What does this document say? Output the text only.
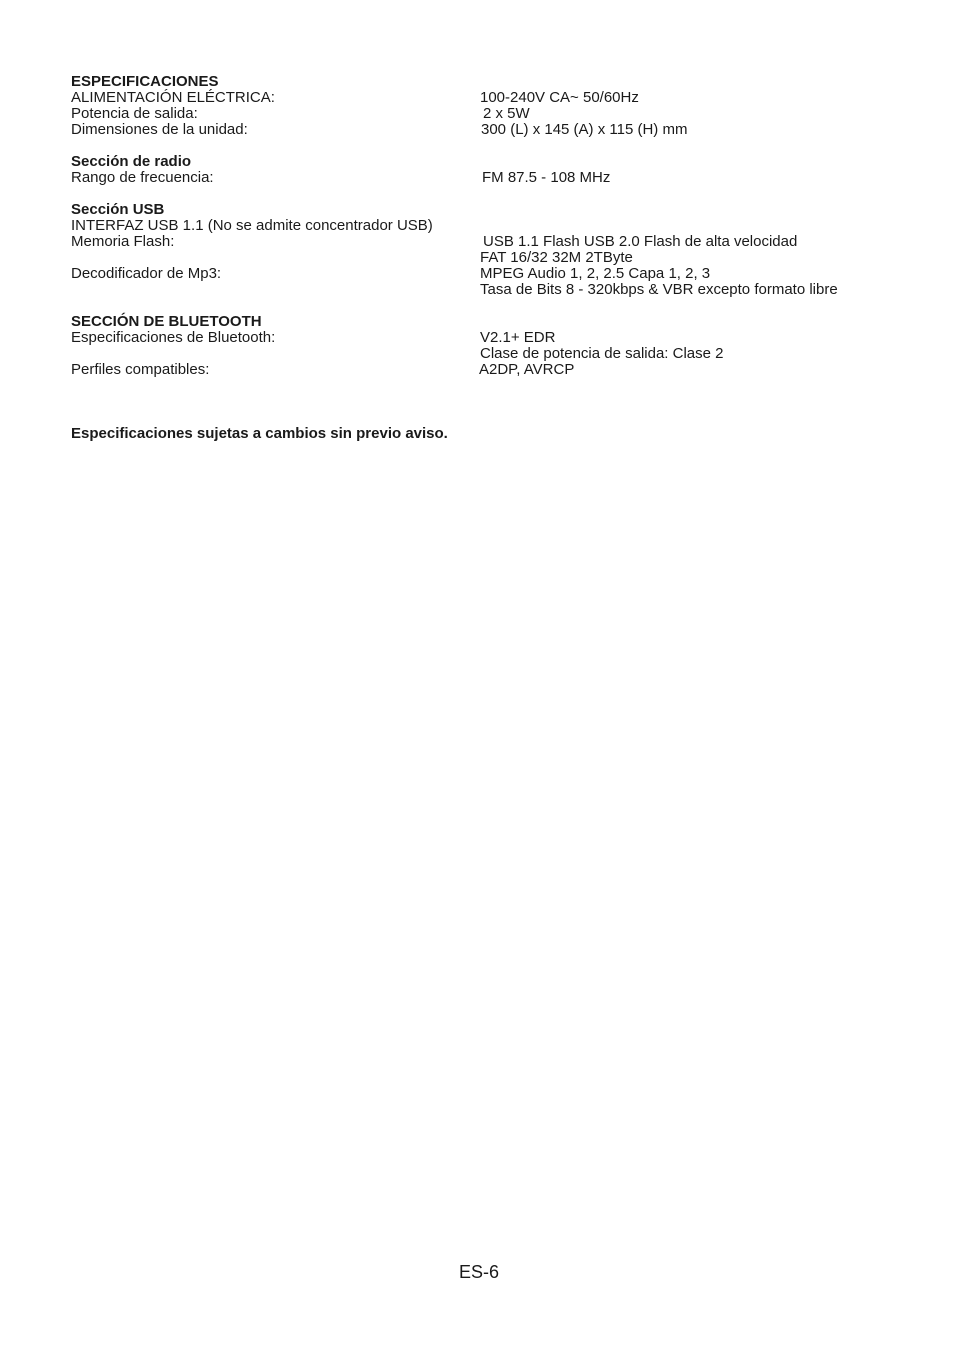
ESPECIFICACIONES
ALIMENTACIÓN ELÉCTRICA:	100-240V CA~ 50/60Hz
Potencia de salida:	2 x 5W
Dimensiones de la unidad:	300 (L) x 145 (A) x 115 (H) mm
Sección de radio
Rango de frecuencia:	FM 87.5 - 108 MHz
Sección USB
INTERFAZ USB 1.1 (No se admite concentrador USB)
Memoria Flash:	USB 1.1 Flash USB 2.0 Flash de alta velocidad
FAT 16/32 32M 2TByte
Decodificador de Mp3:	MPEG Audio 1, 2, 2.5 Capa 1, 2, 3
Tasa de Bits 8 - 320kbps & VBR excepto formato libre
SECCIÓN DE BLUETOOTH
Especificaciones de Bluetooth:	V2.1+ EDR
Clase de potencia de salida: Clase 2
Perfiles compatibles:	A2DP, AVRCP
Especificaciones sujetas a cambios sin previo aviso.
ES-6
